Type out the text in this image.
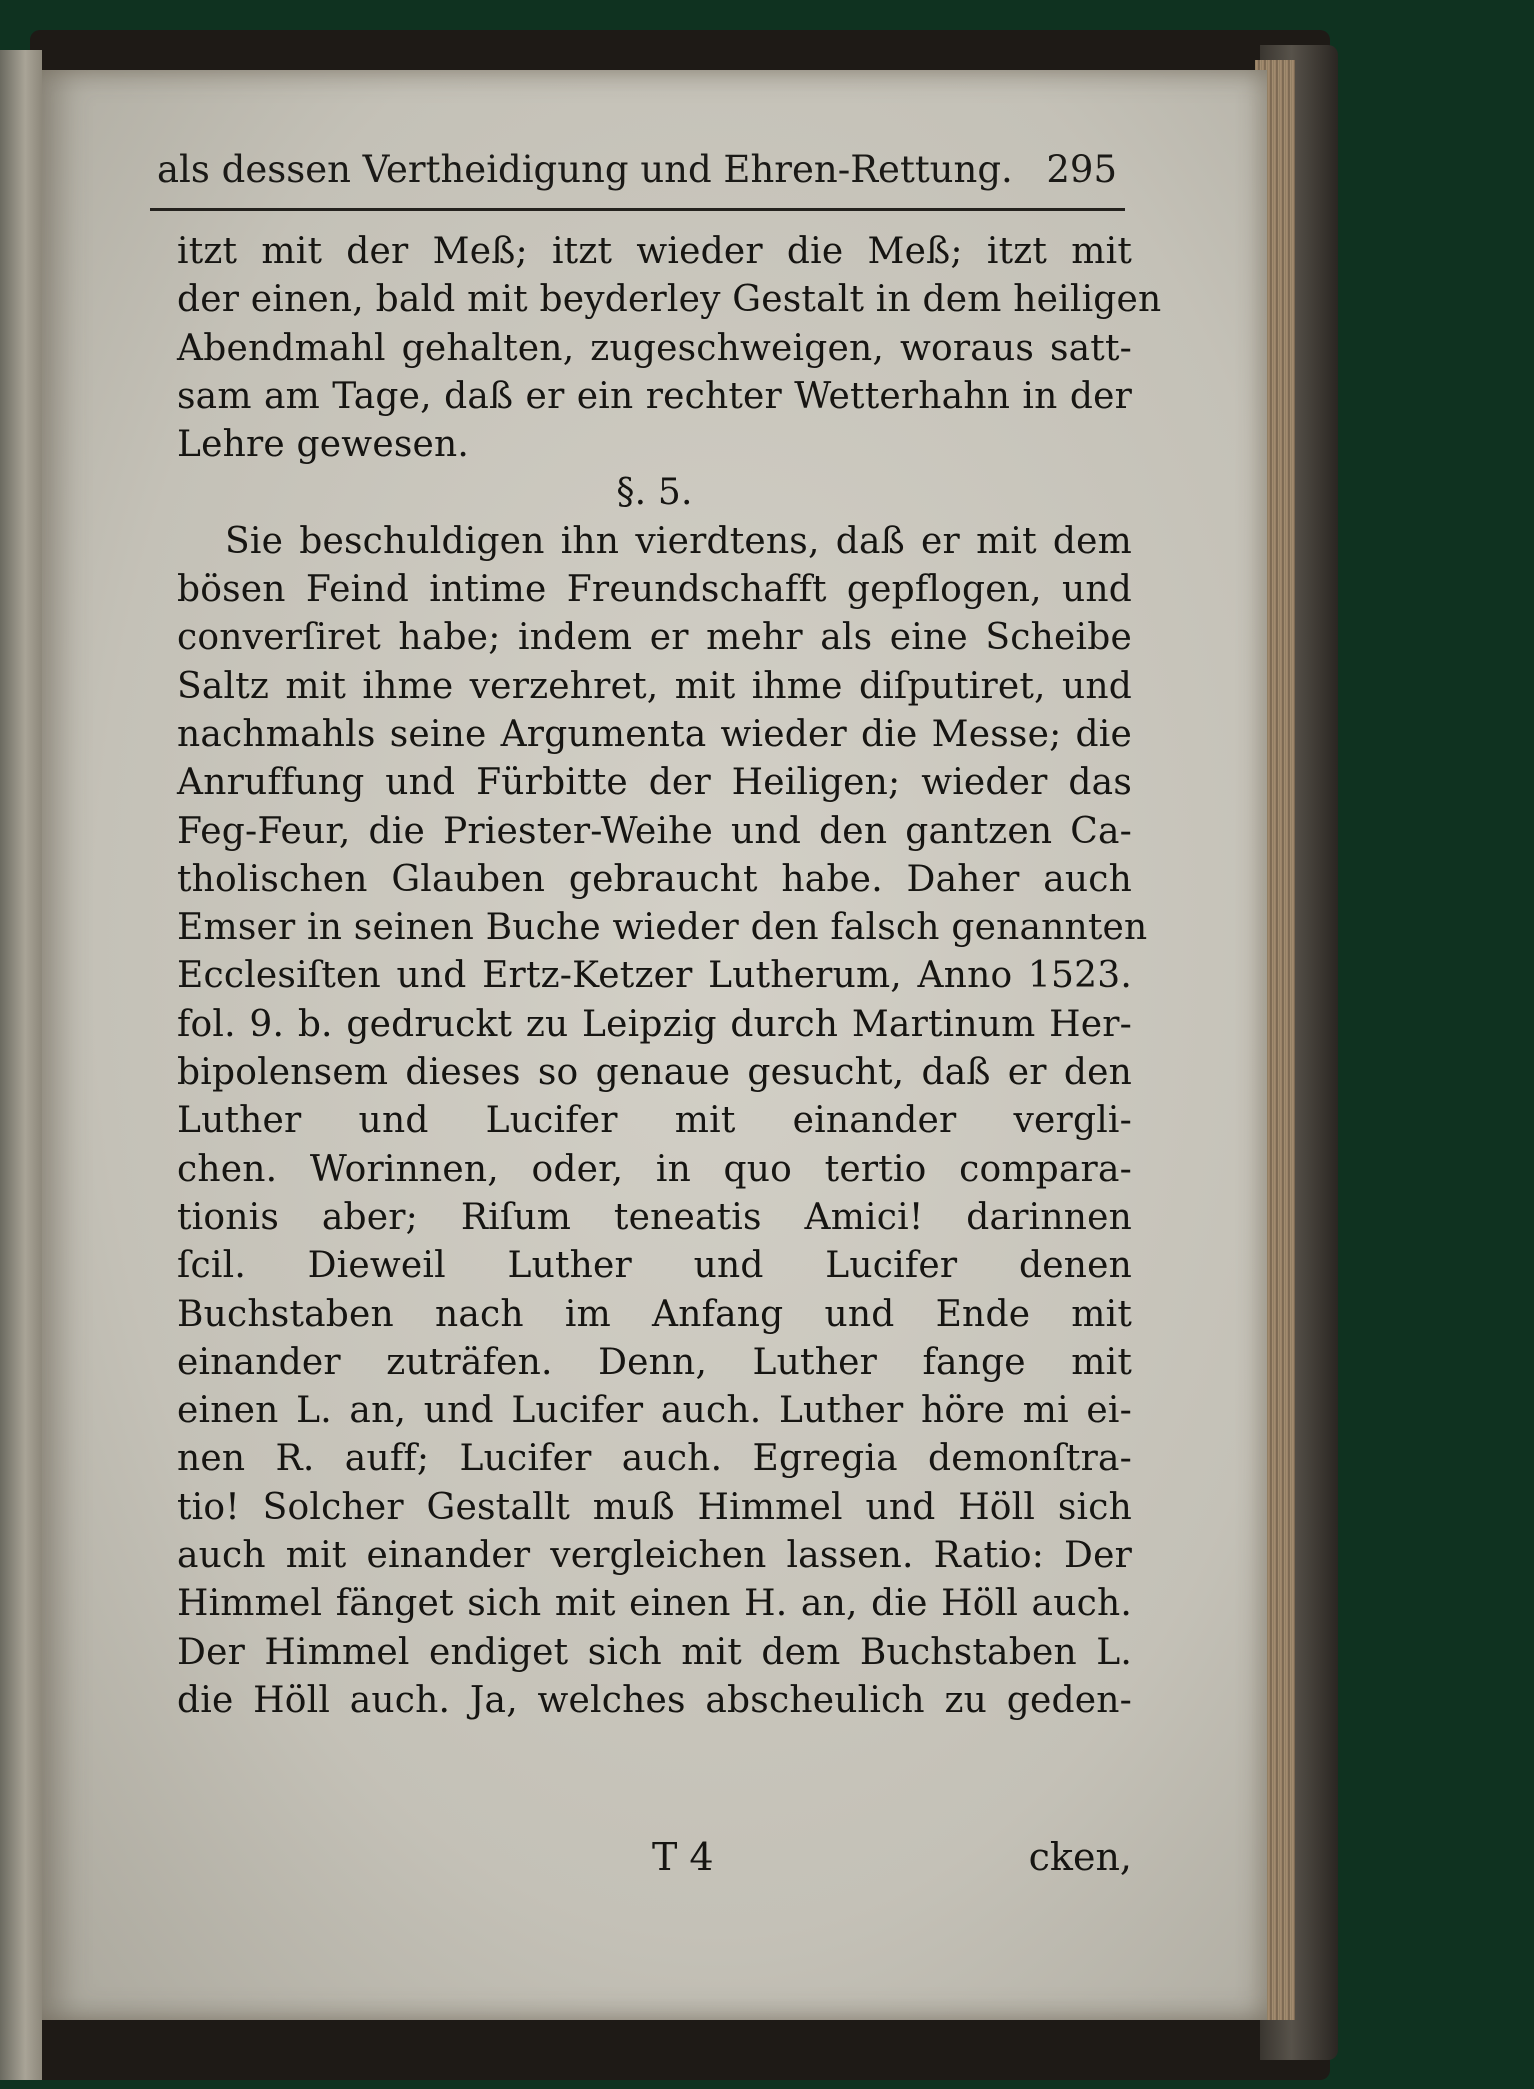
als dessen Vertheidigung und Ehren-Rettung. 295
itzt mit der Meß; itzt wieder die Meß; itzt mit
der einen, bald mit beyderley Gestalt in dem heiligen
Abendmahl gehalten, zugeschweigen, woraus satt-
sam am Tage, daß er ein rechter Wetterhahn in der
Lehre gewesen.
§. 5.
Sie beschuldigen ihn vierdtens, daß er mit dem
bösen Feind intime Freundschafft gepflogen, und
converſiret habe; indem er mehr als eine Scheibe
Saltz mit ihme verzehret, mit ihme diſputiret, und
nachmahls seine Argumenta wieder die Messe; die
Anruffung und Fürbitte der Heiligen; wieder das
Feg-Feur, die Priester-Weihe und den gantzen Ca-
tholischen Glauben gebraucht habe. Daher auch
Emser in seinen Buche wieder den falsch genannten
Ecclesiſten und Ertz-Ketzer Lutherum, Anno 1523.
fol. 9. b. gedruckt zu Leipzig durch Martinum Her-
bipolensem dieses so genaue gesucht, daß er den
Luther und Lucifer mit einander vergli-
chen. Worinnen, oder, in quo tertio compara-
tionis aber; Riſum teneatis Amici! darinnen
ſcil. Dieweil Luther und Lucifer denen
Buchstaben nach im Anfang und Ende mit
einander zuträfen. Denn, Luther fange mit
einen L. an, und Lucifer auch. Luther höre mi ei-
nen R. auff; Lucifer auch. Egregia demonſtra-
tio! Solcher Gestallt muß Himmel und Höll sich
auch mit einander vergleichen lassen. Ratio: Der
Himmel fänget sich mit einen H. an, die Höll auch.
Der Himmel endiget sich mit dem Buchstaben L.
die Höll auch. Ja, welches abscheulich zu geden-
T 4	cken,
